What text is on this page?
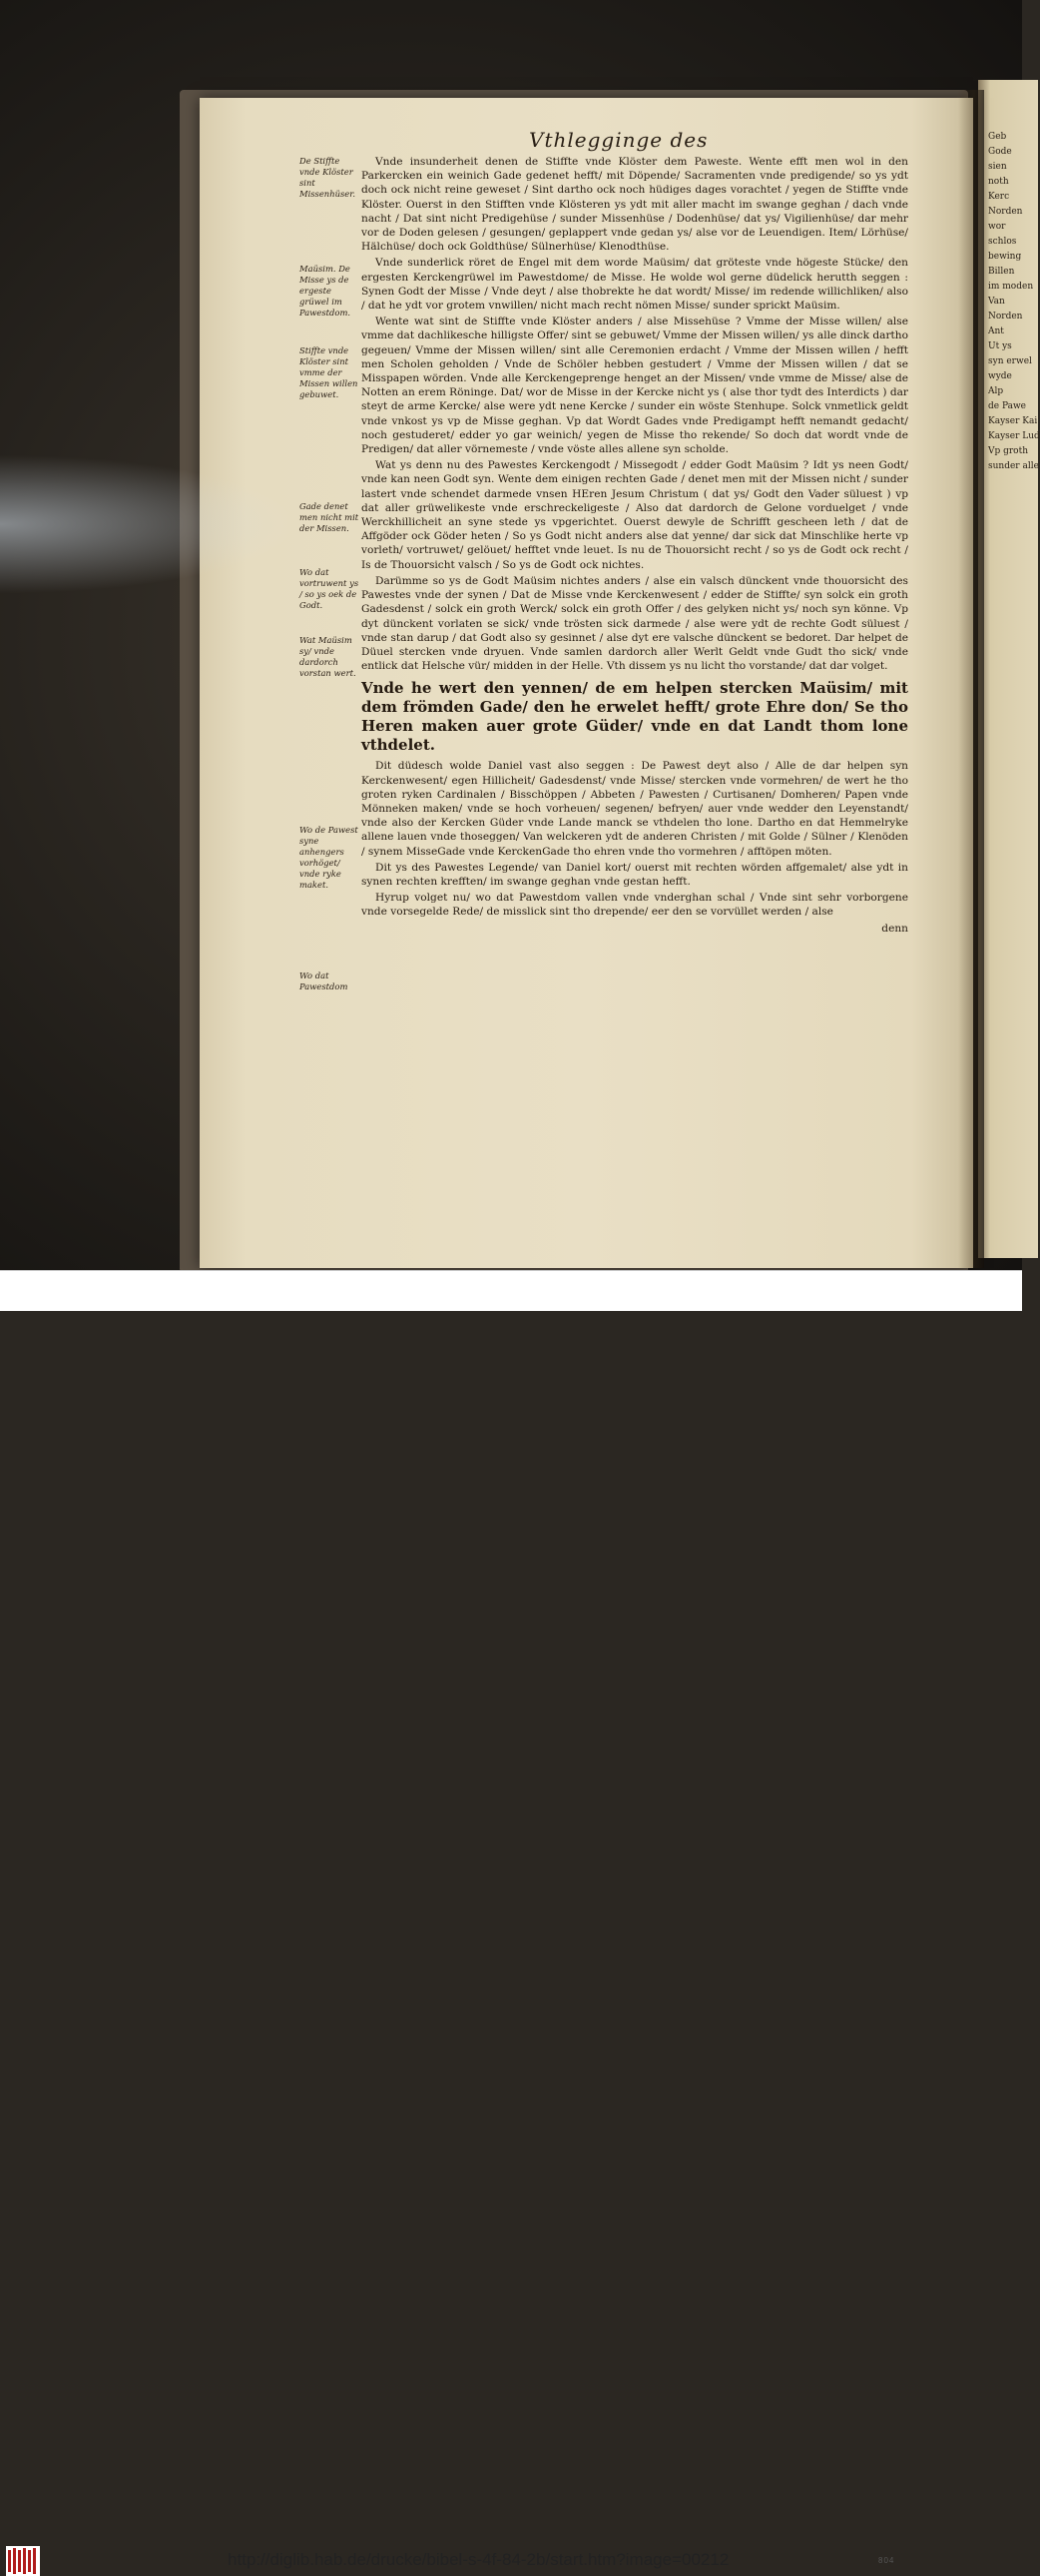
Geb
Gode
sien
noth
Kerc
Norden
wor
schlos
bewing
Billen
im moden
Van
Norden
Ant
Ut ys
syn erwel
wyde
Alp
de Pawe
Kayser Kai
Kayser Lud
Vp groth
sunder alle
Vthlegginge des
De Stiffte vnde Klöster sint Missenhüser.
Maüsim. De Misse ys de ergeste grüwel im Pawestdom.
Stiffte vnde Klöster sint vmme der Missen willen gebuwet.
Gade denet men nicht mit der Missen.
Wo dat vortruwent ys / so ys oek de Godt.
Wat Maüsim sy/ vnde dardorch vorstan wert.
Wo de Pawest syne anhengers vorhöget/ vnde ryke maket.
Wo dat Pawestdom

Vnde insunderheit denen de Stiffte vnde Klöster dem Paweste. Wente efft men wol in den Parkercken ein weinich Gade gedenet hefft/ mit Döpende/ Sacramenten vnde predigende/ so ys ydt doch ock nicht reine geweset / Sint dartho ock noch hüdiges dages vorachtet / yegen de Stiffte vnde Klöster. Ouerst in den Stifften vnde Klösteren ys ydt mit aller macht im swange geghan / dach vnde nacht / Dat sint nicht Predigehüse / sunder Missenhüse / Dodenhüse/ dat ys/ Vigilienhüse/ dar mehr vor de Doden gelesen / gesungen/ geplappert vnde gedan ys/ alse vor de Leuendigen. Item/ Lörhüse/ Hälchüse/ doch ock Goldthüse/ Sülnerhüse/ Klenodthüse.

Vnde sunderlick röret de Engel mit dem worde Maüsim/ dat gröteste vnde högeste Stücke/ den ergesten Kerckengrüwel im Pawestdome/ de Misse. He wolde wol gerne düdelick herutth seggen : Synen Godt der Misse / Vnde deyt / alse thobrekte he dat wordt/ Misse/ im redende willichliken/ also / dat he ydt vor grotem vnwillen/ nicht mach recht nömen Misse/ sunder sprickt Maüsim.

Wente wat sint de Stiffte vnde Klöster anders / alse Missehüse ? Vmme der Misse willen/ alse vmme dat dachlikesche hilligste Offer/ sint se gebuwet/ Vmme der Missen willen/ ys alle dinck dartho gegeuen/ Vmme der Missen willen/ sint alle Ceremonien erdacht / Vmme der Missen willen / hefft men Scholen geholden / Vnde de Schöler hebben gestudert / Vmme der Missen willen / dat se Misspapen wörden. Vnde alle Kerckengeprenge henget an der Missen/ vnde vmme de Misse/ alse de Notten an erem Röninge. Dat/ wor de Misse in der Kercke nicht ys ( alse thor tydt des Interdicts ) dar steyt de arme Kercke/ alse were ydt nene Kercke / sunder ein wöste Stenhupe. Solck vnmetlick geldt vnde vnkost ys vp de Misse geghan. Vp dat Wordt Gades vnde Predigampt hefft nemandt gedacht/ noch gestuderet/ edder yo gar weinich/ yegen de Misse tho rekende/ So doch dat wordt vnde de Predigen/ dat aller vörnemeste / vnde vöste alles allene syn scholde.

Wat ys denn nu des Pawestes Kerckengodt / Missegodt / edder Godt Maüsim ? Idt ys neen Godt/ vnde kan neen Godt syn. Wente dem einigen rechten Gade / denet men mit der Missen nicht / sunder lastert vnde schendet darmede vnsen HEren Jesum Christum ( dat ys/ Godt den Vader süluest ) vp dat aller grüwelikeste vnde erschreckeligeste / Also dat dardorch de Gelone vorduelget / vnde Werckhillicheit an syne stede ys vpgerichtet. Ouerst dewyle de Schrifft gescheen leth / dat de Affgöder ock Göder heten / So ys Godt nicht anders alse dat yenne/ dar sick dat Minschlike herte vp vorleth/ vortruwet/ gelöuet/ hefftet vnde leuet. Is nu de Thouorsicht recht / so ys de Godt ock recht / Is de Thouorsicht valsch / So ys de Godt ock nichtes.

Darümme so ys de Godt Maüsim nichtes anders / alse ein valsch dünckent vnde thouorsicht des Pawestes vnde der synen / Dat de Misse vnde Kerckenwesent / edder de Stiffte/ syn solck ein groth Gadesdenst / solck ein groth Werck/ solck ein groth Offer / des gelyken nicht ys/ noch syn könne. Vp dyt dünckent vorlaten se sick/ vnde trösten sick darmede / alse were ydt de rechte Godt süluest / vnde stan darup / dat Godt also sy gesinnet / alse dyt ere valsche dünckent se bedoret. Dar helpet de Düuel stercken vnde dryuen. Vnde samlen dardorch aller Werlt Geldt vnde Gudt tho sick/ vnde entlick dat Helsche vür/ midden in der Helle. Vth dissem ys nu licht tho vorstande/ dat dar volget.

Vnde he wert den yennen/ de em helpen stercken Maüsim/ mit dem frömden Gade/ den he erwelet hefft/ grote Ehre don/ Se tho Heren maken auer grote Güder/ vnde en dat Landt thom lone vthdelet.

Dit düdesch wolde Daniel vast also seggen : De Pawest deyt also / Alle de dar helpen syn Kerckenwesent/ egen Hillicheit/ Gadesdenst/ vnde Misse/ stercken vnde vormehren/ de wert he tho groten ryken Cardinalen / Bisschöppen / Abbeten / Pawesten / Curtisanen/ Domheren/ Papen vnde Mönneken maken/ vnde se hoch vorheuen/ segenen/ befryen/ auer vnde wedder den Leyenstandt/ vnde also der Kercken Güder vnde Lande manck se vthdelen tho lone. Dartho en dat Hemmelryke allene lauen vnde thoseggen/ Van welckeren ydt de anderen Christen / mit Golde / Sülner / Klenöden / synem MisseGade vnde KerckenGade tho ehren vnde tho vormehren / afftöpen möten.

Dit ys des Pawestes Legende/ van Daniel kort/ ouerst mit rechten wörden affgemalet/ alse ydt in synen rechten krefften/ im swange geghan vnde gestan hefft.

Hyrup volget nu/ wo dat Pawestdom vallen vnde vnderghan schal / Vnde sint sehr vorborgene vnde vorsegelde Rede/ de misslick sint tho drepende/ eer den se vorvüllet werden / alse

denn

http://diglib.hab.de/drucke/bibel-s-4f-84-2b/start.htm?image=00212	804
